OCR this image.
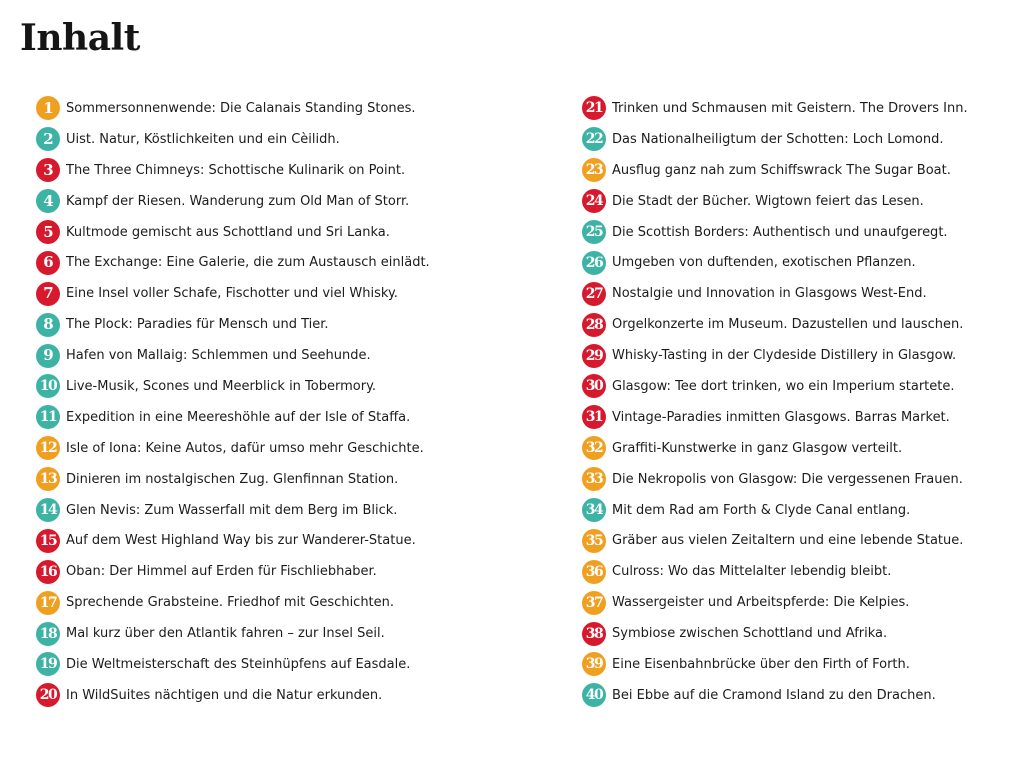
Inhalt
1	Sommersonnenwende: Die Calanais Standing Stones.
2	Uist. Natur, Köstlichkeiten und ein Cèilidh.
3	The Three Chimneys: Schottische Kulinarik on Point.
4	Kampf der Riesen. Wanderung zum Old Man of Storr.
5	Kultmode gemischt aus Schottland und Sri Lanka.
6	The Exchange: Eine Galerie, die zum Austausch einlädt.
7	Eine Insel voller Schafe, Fischotter und viel Whisky.
8	The Plock: Paradies für Mensch und Tier.
9	Hafen von Mallaig: Schlemmen und Seehunde.
10 Live-Musik, Scones und Meerblick in Tobermory.
11 Expedition in eine Meereshöhle auf der Isle of Staffa.
12 Isle of Iona: Keine Autos, dafür umso mehr Geschichte.
13 Dinieren im nostalgischen Zug. Glenfinnan Station.
14 Glen Nevis: Zum Wasserfall mit dem Berg im Blick.
15 Auf dem West Highland Way bis zur Wanderer-Statue.
16 Oban: Der Himmel auf Erden für Fischliebhaber.
17 Sprechende Grabsteine. Friedhof mit Geschichten.
18 Mal kurz über den Atlantik fahren – zur Insel Seil.
19 Die Weltmeisterschaft des Steinhüpfens auf Easdale.
20 In WildSuites nächtigen und die Natur erkunden.
21 Trinken und Schmausen mit Geistern. The Drovers Inn.
22 Das Nationalheiligtum der Schotten: Loch Lomond.
23 Ausflug ganz nah zum Schiffswrack The Sugar Boat.
24 Die Stadt der Bücher. Wigtown feiert das Lesen.
25 Die Scottish Borders: Authentisch und unaufgeregt.
26 Umgeben von duftenden, exotischen Pflanzen.
27 Nostalgie und Innovation in Glasgows West-End.
28 Orgelkonzerte im Museum. Dazustellen und lauschen.
29 Whisky-Tasting in der Clydeside Distillery in Glasgow.
30 Glasgow: Tee dort trinken, wo ein Imperium startete.
31 Vintage-Paradies inmitten Glasgows. Barras Market.
32 Graffiti-Kunstwerke in ganz Glasgow verteilt.
33 Die Nekropolis von Glasgow: Die vergessenen Frauen.
34 Mit dem Rad am Forth & Clyde Canal entlang.
35 Gräber aus vielen Zeitaltern und eine lebende Statue.
36 Culross: Wo das Mittelalter lebendig bleibt.
37 Wassergeister und Arbeitspferde: Die Kelpies.
38 Symbiose zwischen Schottland und Afrika.
39 Eine Eisenbahnbrücke über den Firth of Forth.
40 Bei Ebbe auf die Cramond Island zu den Drachen.
